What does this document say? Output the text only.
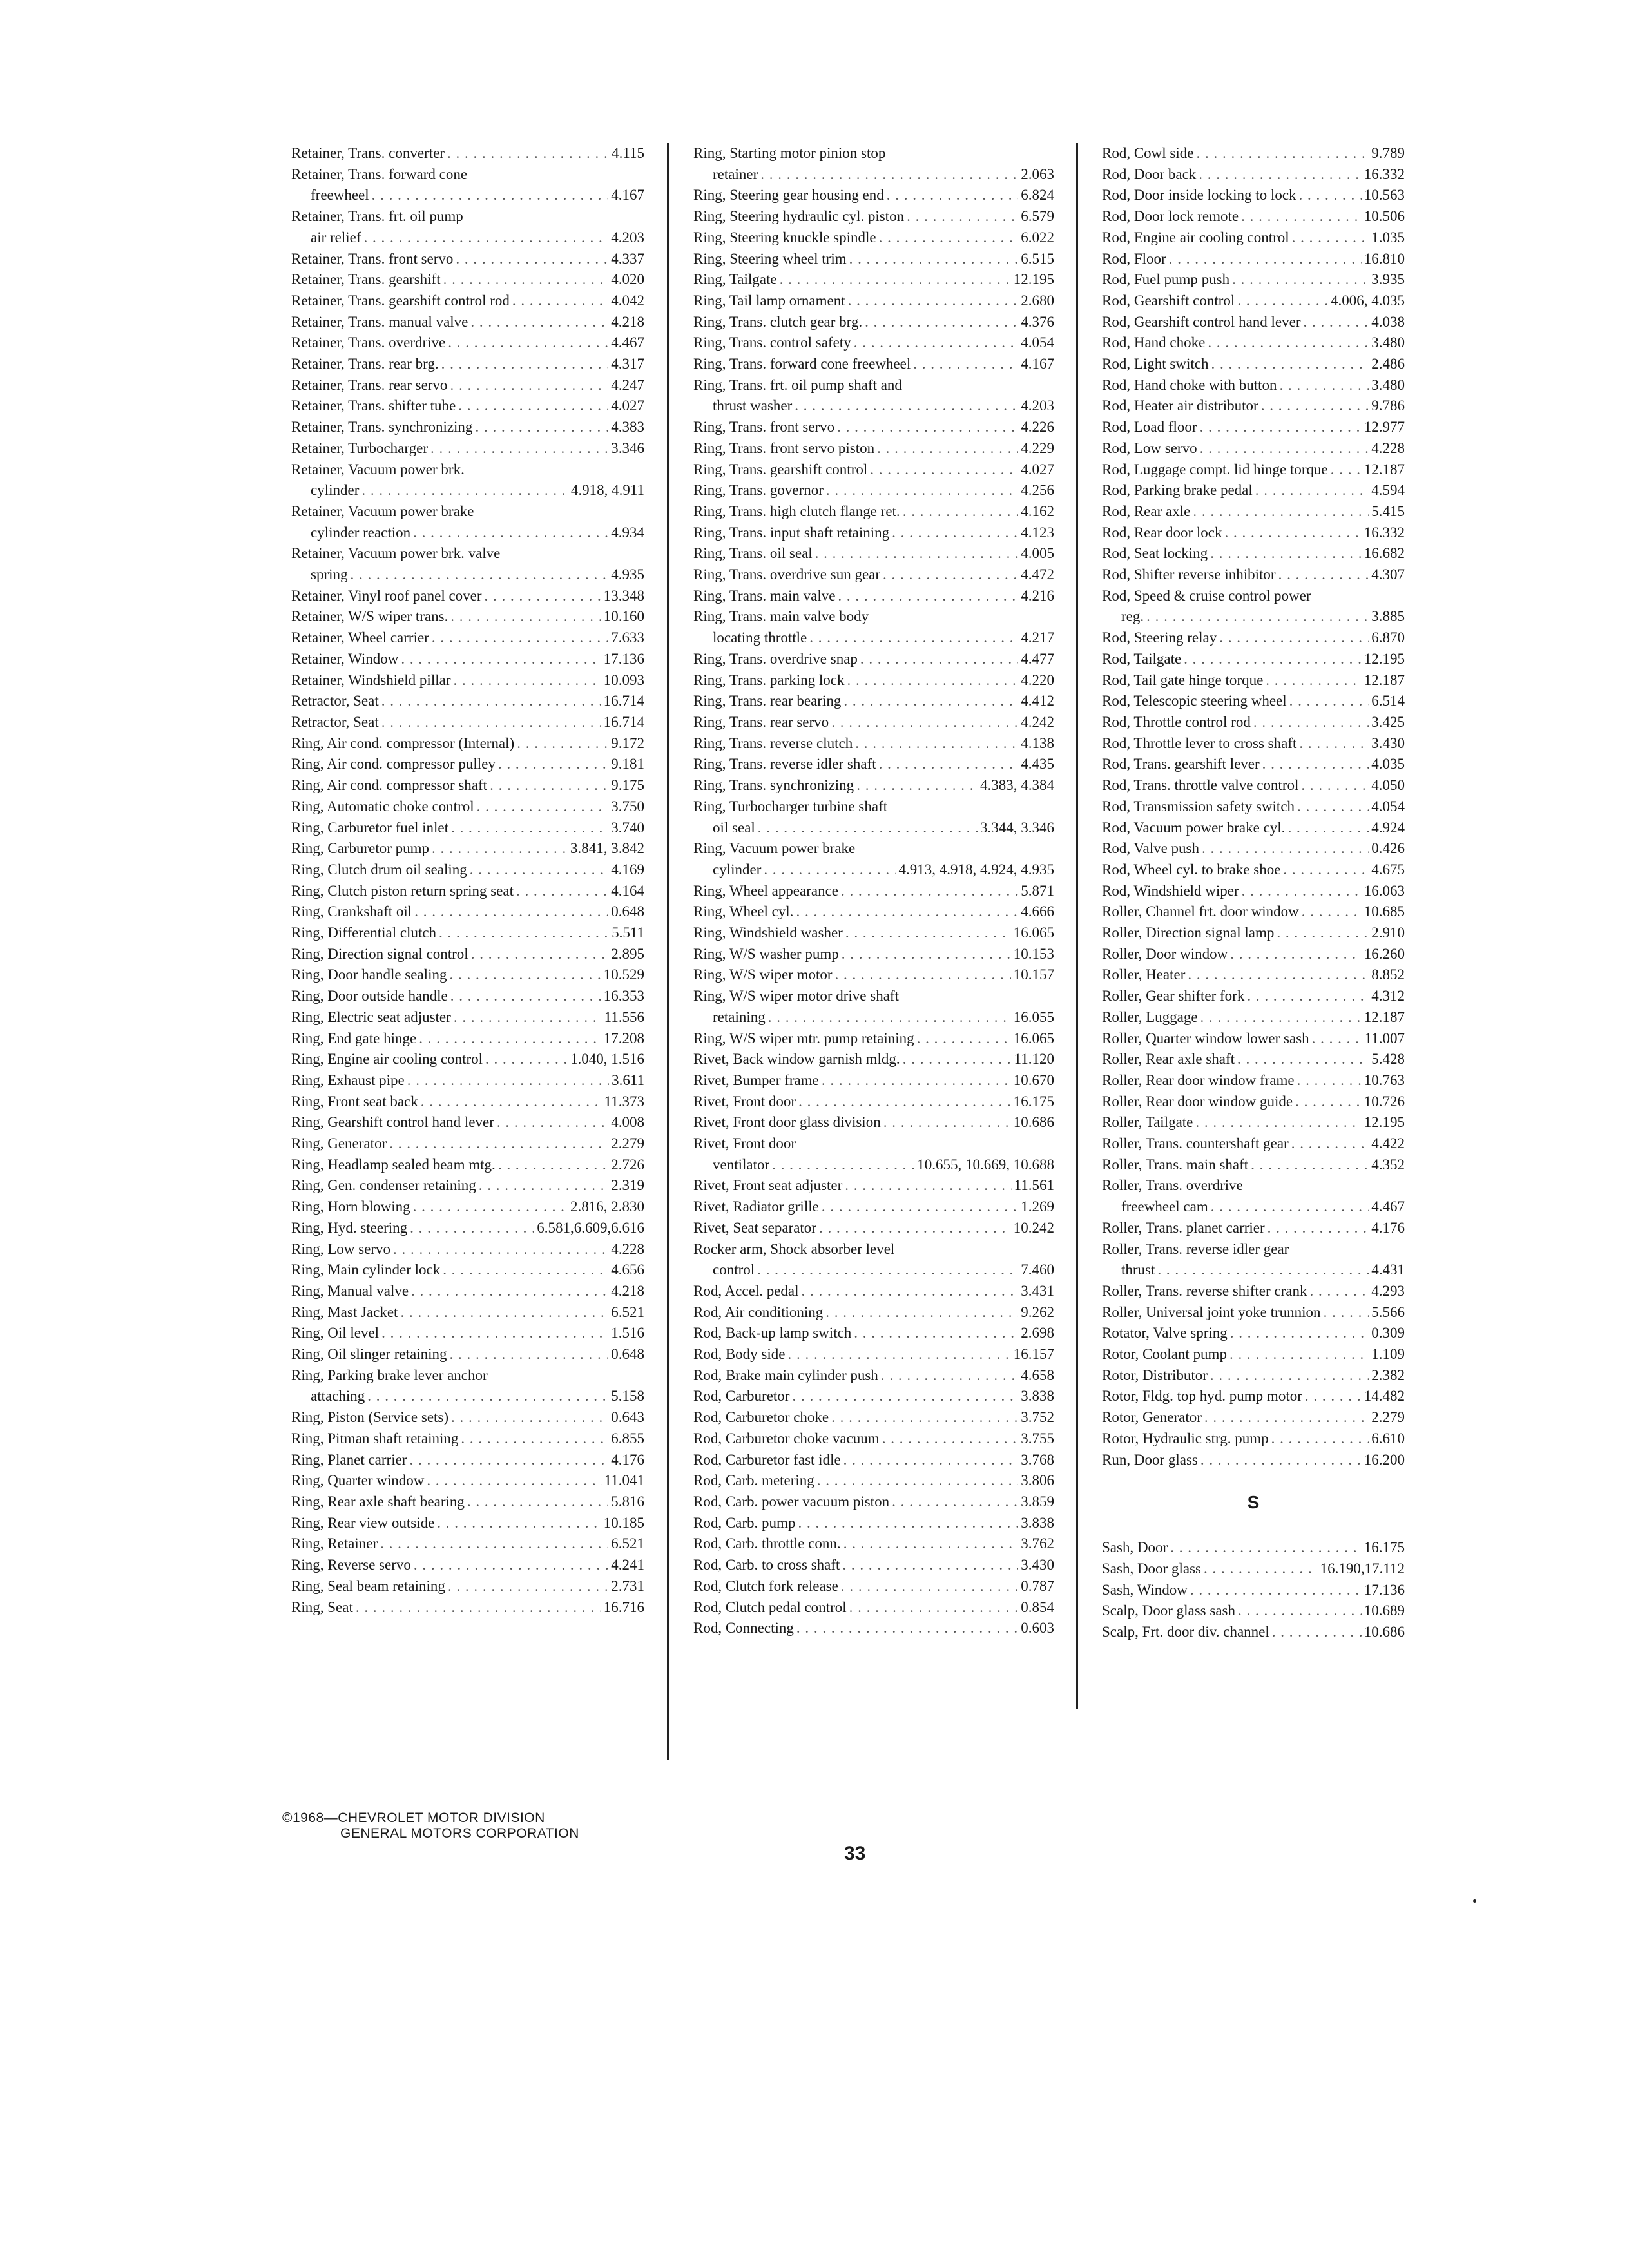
Retainer, Trans. converter . . .	4.115
Retainer, Trans. forward cone
freewheel . . .	4.167
Retainer, Trans. frt. oil pump
air relief . . .	4.203
Retainer, Trans. front servo . . .	4.337
Retainer, Trans. gearshift . . .	4.020
Retainer, Trans. gearshift control rod . . .	4.042
Retainer, Trans. manual valve . . .	4.218
Retainer, Trans. overdrive . . .	4.467
Retainer, Trans. rear brg. . . .	4.317
Retainer, Trans. rear servo . . .	4.247
Retainer, Trans. shifter tube . . .	4.027
Retainer, Trans. synchronizing . . .	4.383
Retainer, Turbocharger . . .	3.346
Retainer, Vacuum power brk.
cylinder . . .	4.918, 4.911
Retainer, Vacuum power brake
cylinder reaction . . .	4.934
Retainer, Vacuum power brk. valve
spring . . .	4.935
Retainer, Vinyl roof panel cover . . .	13.348
Retainer, W/S wiper trans. . . .	10.160
Retainer, Wheel carrier . . .	7.633
Retainer, Window . . .	17.136
Retainer, Windshield pillar . . .	10.093
Retractor, Seat . . .	16.714
Retractor, Seat . . .	16.714
Ring, Air cond. compressor (Internal) . . .	9.172
Ring, Air cond. compressor pulley . . .	9.181
Ring, Air cond. compressor shaft . . .	9.175
Ring, Automatic choke control . . .	3.750
Ring, Carburetor fuel inlet . . .	3.740
Ring, Carburetor pump . . .	3.841, 3.842
Ring, Clutch drum oil sealing . . .	4.169
Ring, Clutch piston return spring seat . . .	4.164
Ring, Crankshaft oil . . .	0.648
Ring, Differential clutch . . .	5.511
Ring, Direction signal control . . .	2.895
Ring, Door handle sealing . . .	10.529
Ring, Door outside handle . . .	16.353
Ring, Electric seat adjuster . . .	11.556
Ring, End gate hinge . . .	17.208
Ring, Engine air cooling control . . .	1.040, 1.516
Ring, Exhaust pipe . . .	3.611
Ring, Front seat back . . .	11.373
Ring, Gearshift control hand lever . . .	4.008
Ring, Generator . . .	2.279
Ring, Headlamp sealed beam mtg. . . .	2.726
Ring, Gen. condenser retaining . . .	2.319
Ring, Horn blowing . . .	2.816, 2.830
Ring, Hyd. steering . . .	6.581,6.609,6.616
Ring, Low servo . . .	4.228
Ring, Main cylinder lock . . .	4.656
Ring, Manual valve . . .	4.218
Ring, Mast Jacket . . .	6.521
Ring, Oil level . . .	1.516
Ring, Oil slinger retaining . . .	0.648
Ring, Parking brake lever anchor
attaching . . .	5.158
Ring, Piston (Service sets) . . .	0.643
Ring, Pitman shaft retaining . . .	6.855
Ring, Planet carrier . . .	4.176
Ring, Quarter window . . .	11.041
Ring, Rear axle shaft bearing . . .	5.816
Ring, Rear view outside . . .	10.185
Ring, Retainer . . .	6.521
Ring, Reverse servo . . .	4.241
Ring, Seal beam retaining . . .	2.731
Ring, Seat . . .	16.716
Ring, Starting motor pinion stop
retainer . . .	2.063
Ring, Steering gear housing end . . .	6.824
Ring, Steering hydraulic cyl. piston . . .	6.579
Ring, Steering knuckle spindle . . .	6.022
Ring, Steering wheel trim . . .	6.515
Ring, Tailgate . . .	12.195
Ring, Tail lamp ornament . . .	2.680
Ring, Trans. clutch gear brg. . . .	4.376
Ring, Trans. control safety . . .	4.054
Ring, Trans. forward cone freewheel . . .	4.167
Ring, Trans. frt. oil pump shaft and
thrust washer . . .	4.203
Ring, Trans. front servo . . .	4.226
Ring, Trans. front servo piston . . .	4.229
Ring, Trans. gearshift control . . .	4.027
Ring, Trans. governor . . .	4.256
Ring, Trans. high clutch flange ret. . . .	4.162
Ring, Trans. input shaft retaining . . .	4.123
Ring, Trans. oil seal . . .	4.005
Ring, Trans. overdrive sun gear . . .	4.472
Ring, Trans. main valve . . .	4.216
Ring, Trans. main valve body
locating throttle . . .	4.217
Ring, Trans. overdrive snap . . .	4.477
Ring, Trans. parking lock . . .	4.220
Ring, Trans. rear bearing . . .	4.412
Ring, Trans. rear servo . . .	4.242
Ring, Trans. reverse clutch . . .	4.138
Ring, Trans. reverse idler shaft . . .	4.435
Ring, Trans. synchronizing . . .	4.383, 4.384
Ring, Turbocharger turbine shaft
oil seal . . .	3.344, 3.346
Ring, Vacuum power brake
cylinder . . .	4.913, 4.918, 4.924, 4.935
Ring, Wheel appearance . . .	5.871
Ring, Wheel cyl. . . .	4.666
Ring, Windshield washer . . .	16.065
Ring, W/S washer pump . . .	10.153
Ring, W/S wiper motor . . .	10.157
Ring, W/S wiper motor drive shaft
retaining . . .	16.055
Ring, W/S wiper mtr. pump retaining . . .	16.065
Rivet, Back window garnish mldg. . . .	11.120
Rivet, Bumper frame . . .	10.670
Rivet, Front door . . .	16.175
Rivet, Front door glass division . . .	10.686
Rivet, Front door
ventilator . . .	10.655, 10.669, 10.688
Rivet, Front seat adjuster . . .	11.561
Rivet, Radiator grille . . .	1.269
Rivet, Seat separator . . .	10.242
Rocker arm, Shock absorber level
control . . .	7.460
Rod, Accel. pedal . . .	3.431
Rod, Air conditioning . . .	9.262
Rod, Back-up lamp switch . . .	2.698
Rod, Body side . . .	16.157
Rod, Brake main cylinder push . . .	4.658
Rod, Carburetor . . .	3.838
Rod, Carburetor choke . . .	3.752
Rod, Carburetor choke vacuum . . .	3.755
Rod, Carburetor fast idle . . .	3.768
Rod, Carb. metering . . .	3.806
Rod, Carb. power vacuum piston . . .	3.859
Rod, Carb. pump . . .	3.838
Rod, Carb. throttle conn. . . .	3.762
Rod, Carb. to cross shaft . . .	3.430
Rod, Clutch fork release . . .	0.787
Rod, Clutch pedal control . . .	0.854
Rod, Connecting . . .	0.603
Rod, Cowl side . . .	9.789
Rod, Door back . . .	16.332
Rod, Door inside locking to lock . . .	10.563
Rod, Door lock remote . . .	10.506
Rod, Engine air cooling control . . .	1.035
Rod, Floor . . .	16.810
Rod, Fuel pump push . . .	3.935
Rod, Gearshift control . . .	4.006, 4.035
Rod, Gearshift control hand lever . . .	4.038
Rod, Hand choke . . .	3.480
Rod, Light switch . . .	2.486
Rod, Hand choke with button . . .	3.480
Rod, Heater air distributor . . .	9.786
Rod, Load floor . . .	12.977
Rod, Low servo . . .	4.228
Rod, Luggage compt. lid hinge torque . . . 12.187
Rod, Parking brake pedal . . .	4.594
Rod, Rear axle . . .	5.415
Rod, Rear door lock . . .	16.332
Rod, Seat locking . . .	16.682
Rod, Shifter reverse inhibitor . . .	4.307
Rod, Speed & cruise control power
reg. . . .	3.885
Rod, Steering relay . . .	6.870
Rod, Tailgate . . .	12.195
Rod, Tail gate hinge torque . . .	12.187
Rod, Telescopic steering wheel . . .	6.514
Rod, Throttle control rod . . .	3.425
Rod, Throttle lever to cross shaft . . .	3.430
Rod, Trans. gearshift lever . . .	4.035
Rod, Trans. throttle valve control . . .	4.050
Rod, Transmission safety switch . . .	4.054
Rod, Vacuum power brake cyl. . . .	4.924
Rod, Valve push . . .	0.426
Rod, Wheel cyl. to brake shoe . . .	4.675
Rod, Windshield wiper . . .	16.063
Roller, Channel frt. door window . . .	10.685
Roller, Direction signal lamp . . .	2.910
Roller, Door window . . .	16.260
Roller, Heater . . .	8.852
Roller, Gear shifter fork . . .	4.312
Roller, Luggage . . .	12.187
Roller, Quarter window lower sash . . .	11.007
Roller, Rear axle shaft . . .	5.428
Roller, Rear door window frame . . .	10.763
Roller, Rear door window guide . . .	10.726
Roller, Tailgate . . .	12.195
Roller, Trans. countershaft gear . . .	4.422
Roller, Trans. main shaft . . .	4.352
Roller, Trans. overdrive
freewheel cam . . .	4.467
Roller, Trans. planet carrier . . .	4.176
Roller, Trans. reverse idler gear
thrust . . .	4.431
Roller, Trans. reverse shifter crank . . .	4.293
Roller, Universal joint yoke trunnion . . .	5.566
Rotator, Valve spring . . .	0.309
Rotor, Coolant pump . . .	1.109
Rotor, Distributor . . .	2.382
Rotor, Fldg. top hyd. pump motor . . .	14.482
Rotor, Generator . . .	2.279
Rotor, Hydraulic strg. pump . . .	6.610
Run, Door glass . . .	16.200
S
Sash, Door . . .	16.175
Sash, Door glass . . .	16.190,17.112
Sash, Window . . .	17.136
Scalp, Door glass sash . . .	10.689
Scalp, Frt. door div. channel . . .	10.686
©1968—CHEVROLET MOTOR DIVISION
GENERAL MOTORS CORPORATION
33
